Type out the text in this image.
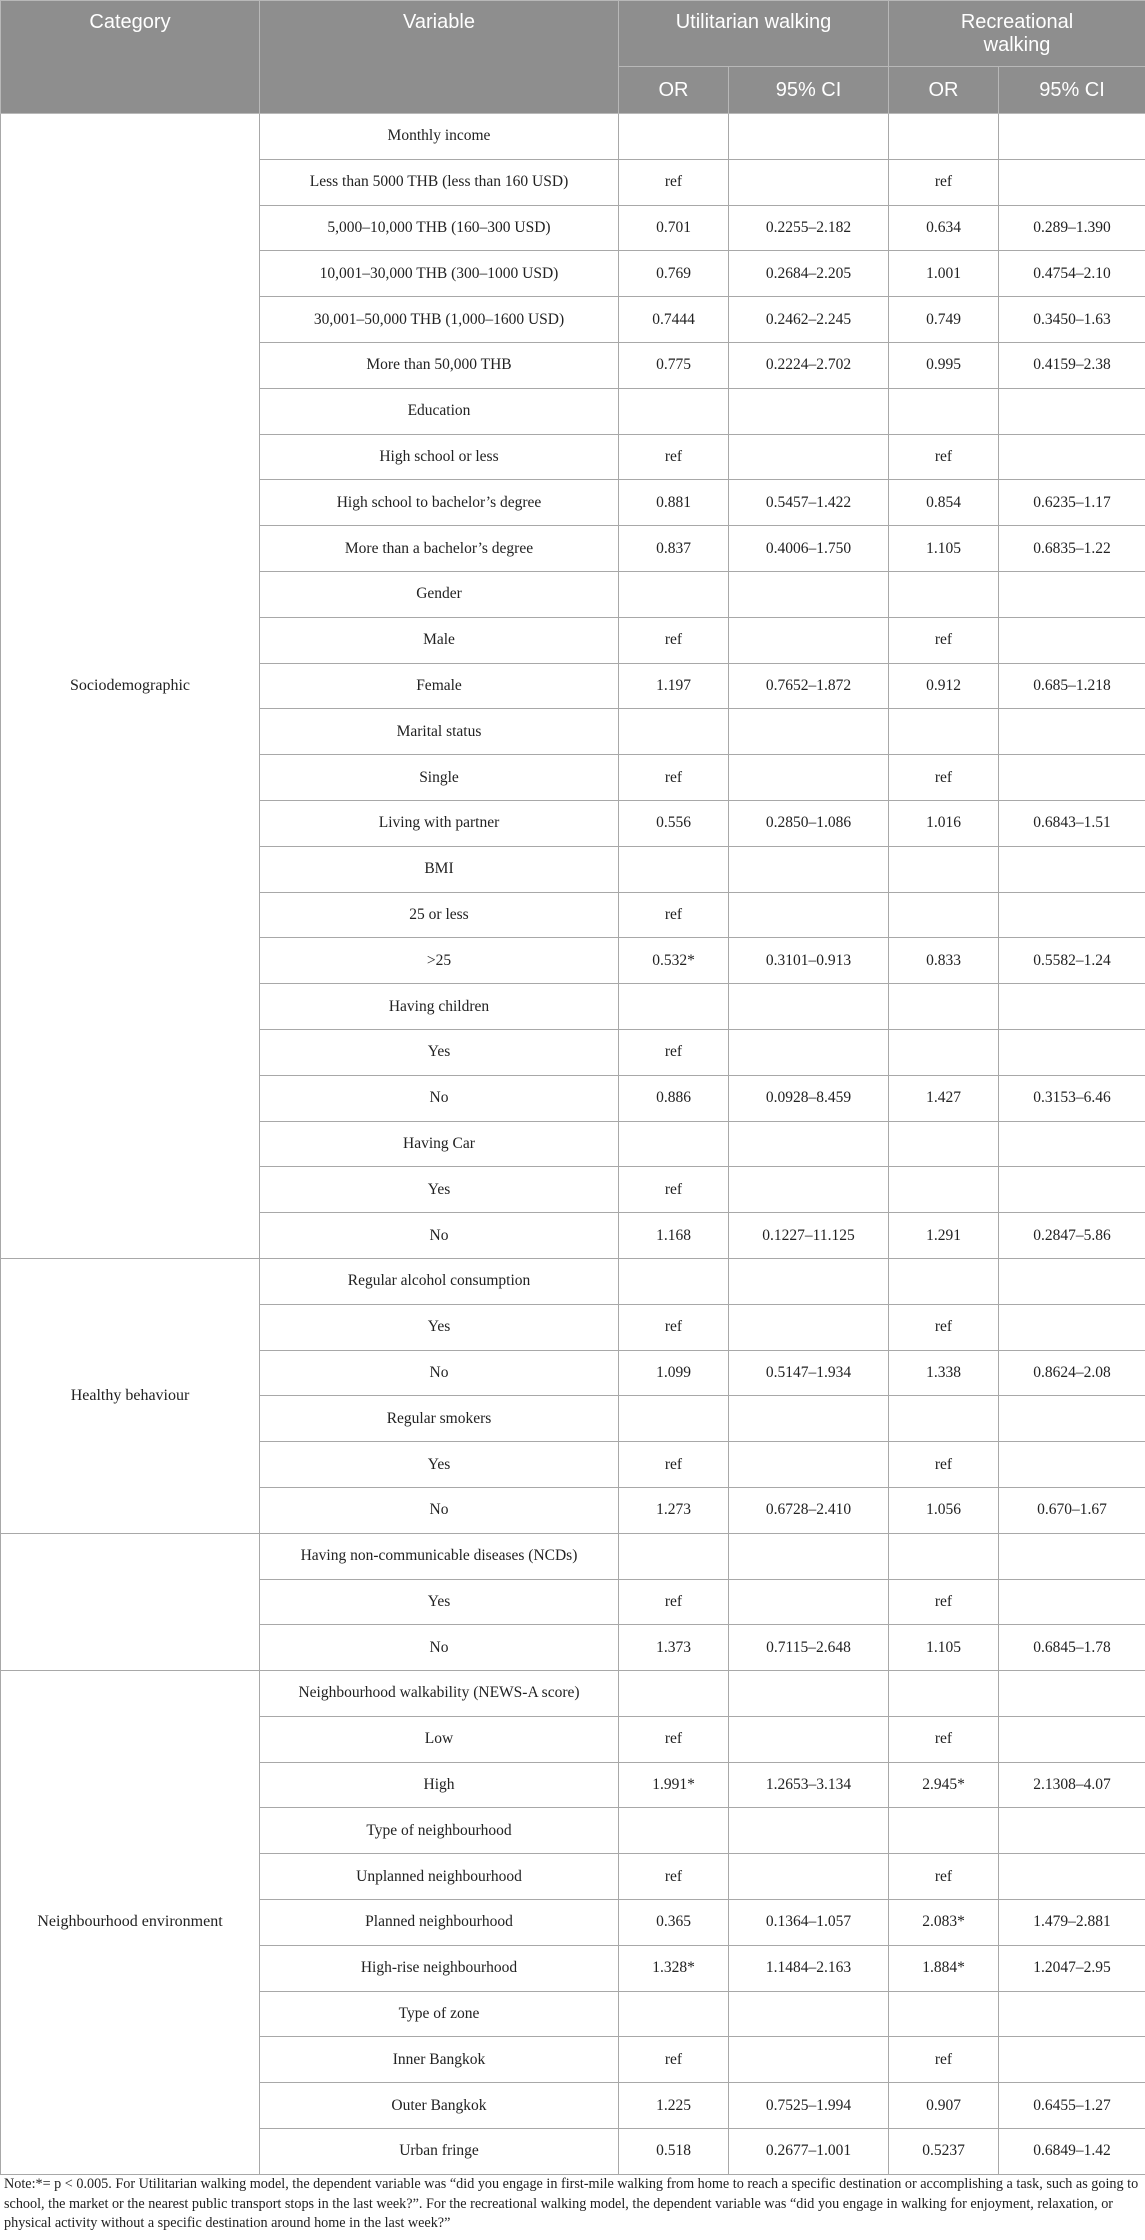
Category	Variable	Utilitarian walking		Recreational
walking	
		OR	95% CI	OR	95% CI
Sociodemographic	Monthly income				
	Less than 5000 THB (less than 160 USD)	ref		ref	
	5,000–10,000 THB (160–300 USD)	0.701	0.2255–2.182	0.634	0.289–1.390
	10,001–30,000 THB (300–1000 USD)	0.769	0.2684–2.205	1.001	0.4754–2.10
	30,001–50,000 THB (1,000–1600 USD)	0.7444	0.2462–2.245	0.749	0.3450–1.63
	More than 50,000 THB	0.775	0.2224–2.702	0.995	0.4159–2.38
	Education				
	High school or less	ref		ref	
	High school to bachelor’s degree	0.881	0.5457–1.422	0.854	0.6235–1.17
	More than a bachelor’s degree	0.837	0.4006–1.750	1.105	0.6835–1.22
	Gender				
	Male	ref		ref	
	Female	1.197	0.7652–1.872	0.912	0.685–1.218
	Marital status				
	Single	ref		ref	
	Living with partner	0.556	0.2850–1.086	1.016	0.6843–1.51
	BMI				
	25 or less	ref			
	>25	0.532*	0.3101–0.913	0.833	0.5582–1.24
	Having children				
	Yes	ref			
	No	0.886	0.0928–8.459	1.427	0.3153–6.46
	Having Car				
	Yes	ref			
	No	1.168	0.1227–11.125	1.291	0.2847–5.86
Healthy behaviour	Regular alcohol consumption				
	Yes	ref		ref	
	No	1.099	0.5147–1.934	1.338	0.8624–2.08
	Regular smokers				
	Yes	ref		ref	
	No	1.273	0.6728–2.410	1.056	0.670–1.67
	Having non-communicable diseases (NCDs)				
	Yes	ref		ref	
	No	1.373	0.7115–2.648	1.105	0.6845–1.78
Neighbourhood environment	Neighbourhood walkability (NEWS-A score)				
	Low	ref		ref	
	High	1.991*	1.2653–3.134	2.945*	2.1308–4.07
	Type of neighbourhood				
	Unplanned neighbourhood	ref		ref	
	Planned neighbourhood	0.365	0.1364–1.057	2.083*	1.479–2.881
	High-rise neighbourhood	1.328*	1.1484–2.163	1.884*	1.2047–2.95
	Type of zone				
	Inner Bangkok	ref		ref	
	Outer Bangkok	1.225	0.7525–1.994	0.907	0.6455–1.27
	Urban fringe	0.518	0.2677–1.001	0.5237	0.6849–1.42

Note:*= p < 0.005. For Utilitarian walking model, the dependent variable was “did you engage in first-mile walking from home to reach a specific destination or accomplishing a task, such as going to school, the market or the nearest public transport stops in the last week?”. For the recreational walking model, the dependent variable was “did you engage in walking for enjoyment, relaxation, or physical activity without a specific destination around home in the last week?”
